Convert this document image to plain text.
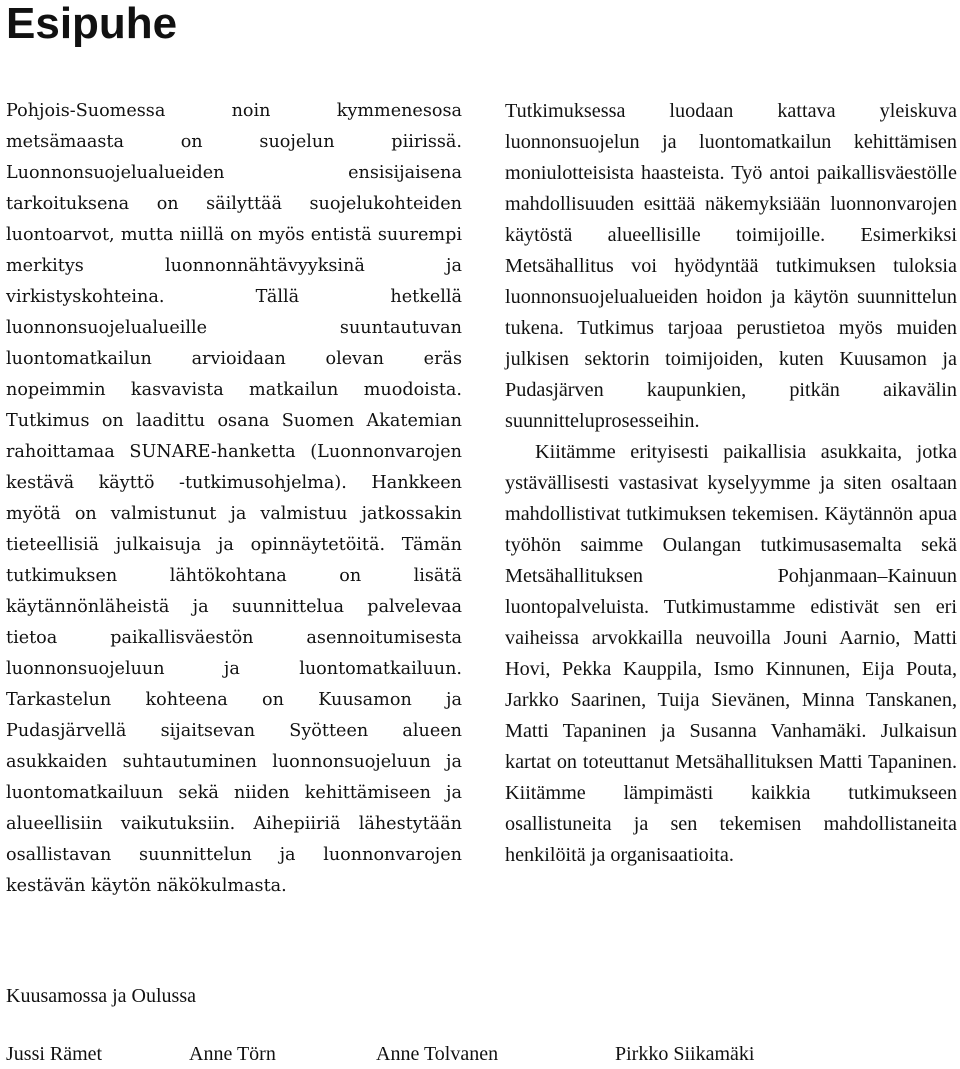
Esipuhe

Pohjois-Suomessa noin kymmenesosa metsämaasta on suojelun piirissä. Luonnonsuojelualueiden ensisijaisena tarkoituksena on säilyttää suojelukohteiden luontoarvot, mutta niillä on myös entistä suurempi merkitys luonnonnähtävyyksinä ja virkistyskohteina. Tällä hetkellä luonnonsuojelualueille suuntautuvan luontomatkailun arvioidaan olevan eräs nopeimmin kasvavista matkailun muodoista. Tutkimus on laadittu osana Suomen Akatemian rahoittamaa SUNARE-hanketta (Luonnonvarojen kestävä käyttö -tutkimusohjelma). Hankkeen myötä on valmistunut ja valmistuu jatkossakin tieteellisiä julkaisuja ja opinnäytetöitä. Tämän tutkimuksen lähtökohtana on lisätä käytännönläheistä ja suunnittelua palvelevaa tietoa paikallisväestön asennoitumisesta luonnonsuojeluun ja luontomatkailuun. Tarkastelun kohteena on Kuusamon ja Pudasjärvellä sijaitsevan Syötteen alueen asukkaiden suhtautuminen luonnonsuojeluun ja luontomatkailuun sekä niiden kehittämiseen ja alueellisiin vaikutuksiin. Aihepiiriä lähestytään osallistavan suunnittelun ja luonnonvarojen kestävän käytön näkökulmasta.

Tutkimuksessa luodaan kattava yleiskuva luonnonsuojelun ja luontomatkailun kehittämisen moniulotteisista haasteista. Työ antoi paikallisväestölle mahdollisuuden esittää näkemyksiään luonnonvarojen käytöstä alueellisille toimijoille. Esimerkiksi Metsähallitus voi hyödyntää tutkimuksen tuloksia luonnonsuojelualueiden hoidon ja käytön suunnittelun tukena. Tutkimus tarjoaa perustietoa myös muiden julkisen sektorin toimijoiden, kuten Kuusamon ja Pudasjärven kaupunkien, pitkän aikavälin suunnitteluprosesseihin.

Kiitämme erityisesti paikallisia asukkaita, jotka ystävällisesti vastasivat kyselyymme ja siten osaltaan mahdollistivat tutkimuksen tekemisen. Käytännön apua työhön saimme Oulangan tutkimusasemalta sekä Metsähallituksen Pohjanmaan–Kainuun luontopalveluista. Tutkimustamme edistivät sen eri vaiheissa arvokkailla neuvoilla Jouni Aarnio, Matti Hovi, Pekka Kauppila, Ismo Kinnunen, Eija Pouta, Jarkko Saarinen, Tuija Sievänen, Minna Tanskanen, Matti Tapaninen ja Susanna Vanhamäki. Julkaisun kartat on toteuttanut Metsähallituksen Matti Tapaninen. Kiitämme lämpimästi kaikkia tutkimukseen osallistuneita ja sen tekemisen mahdollistaneita henkilöitä ja organisaatioita.

Kuusamossa ja Oulussa

Jussi Rämet	Anne Törn	Anne Tolvanen	Pirkko Siikamäki
